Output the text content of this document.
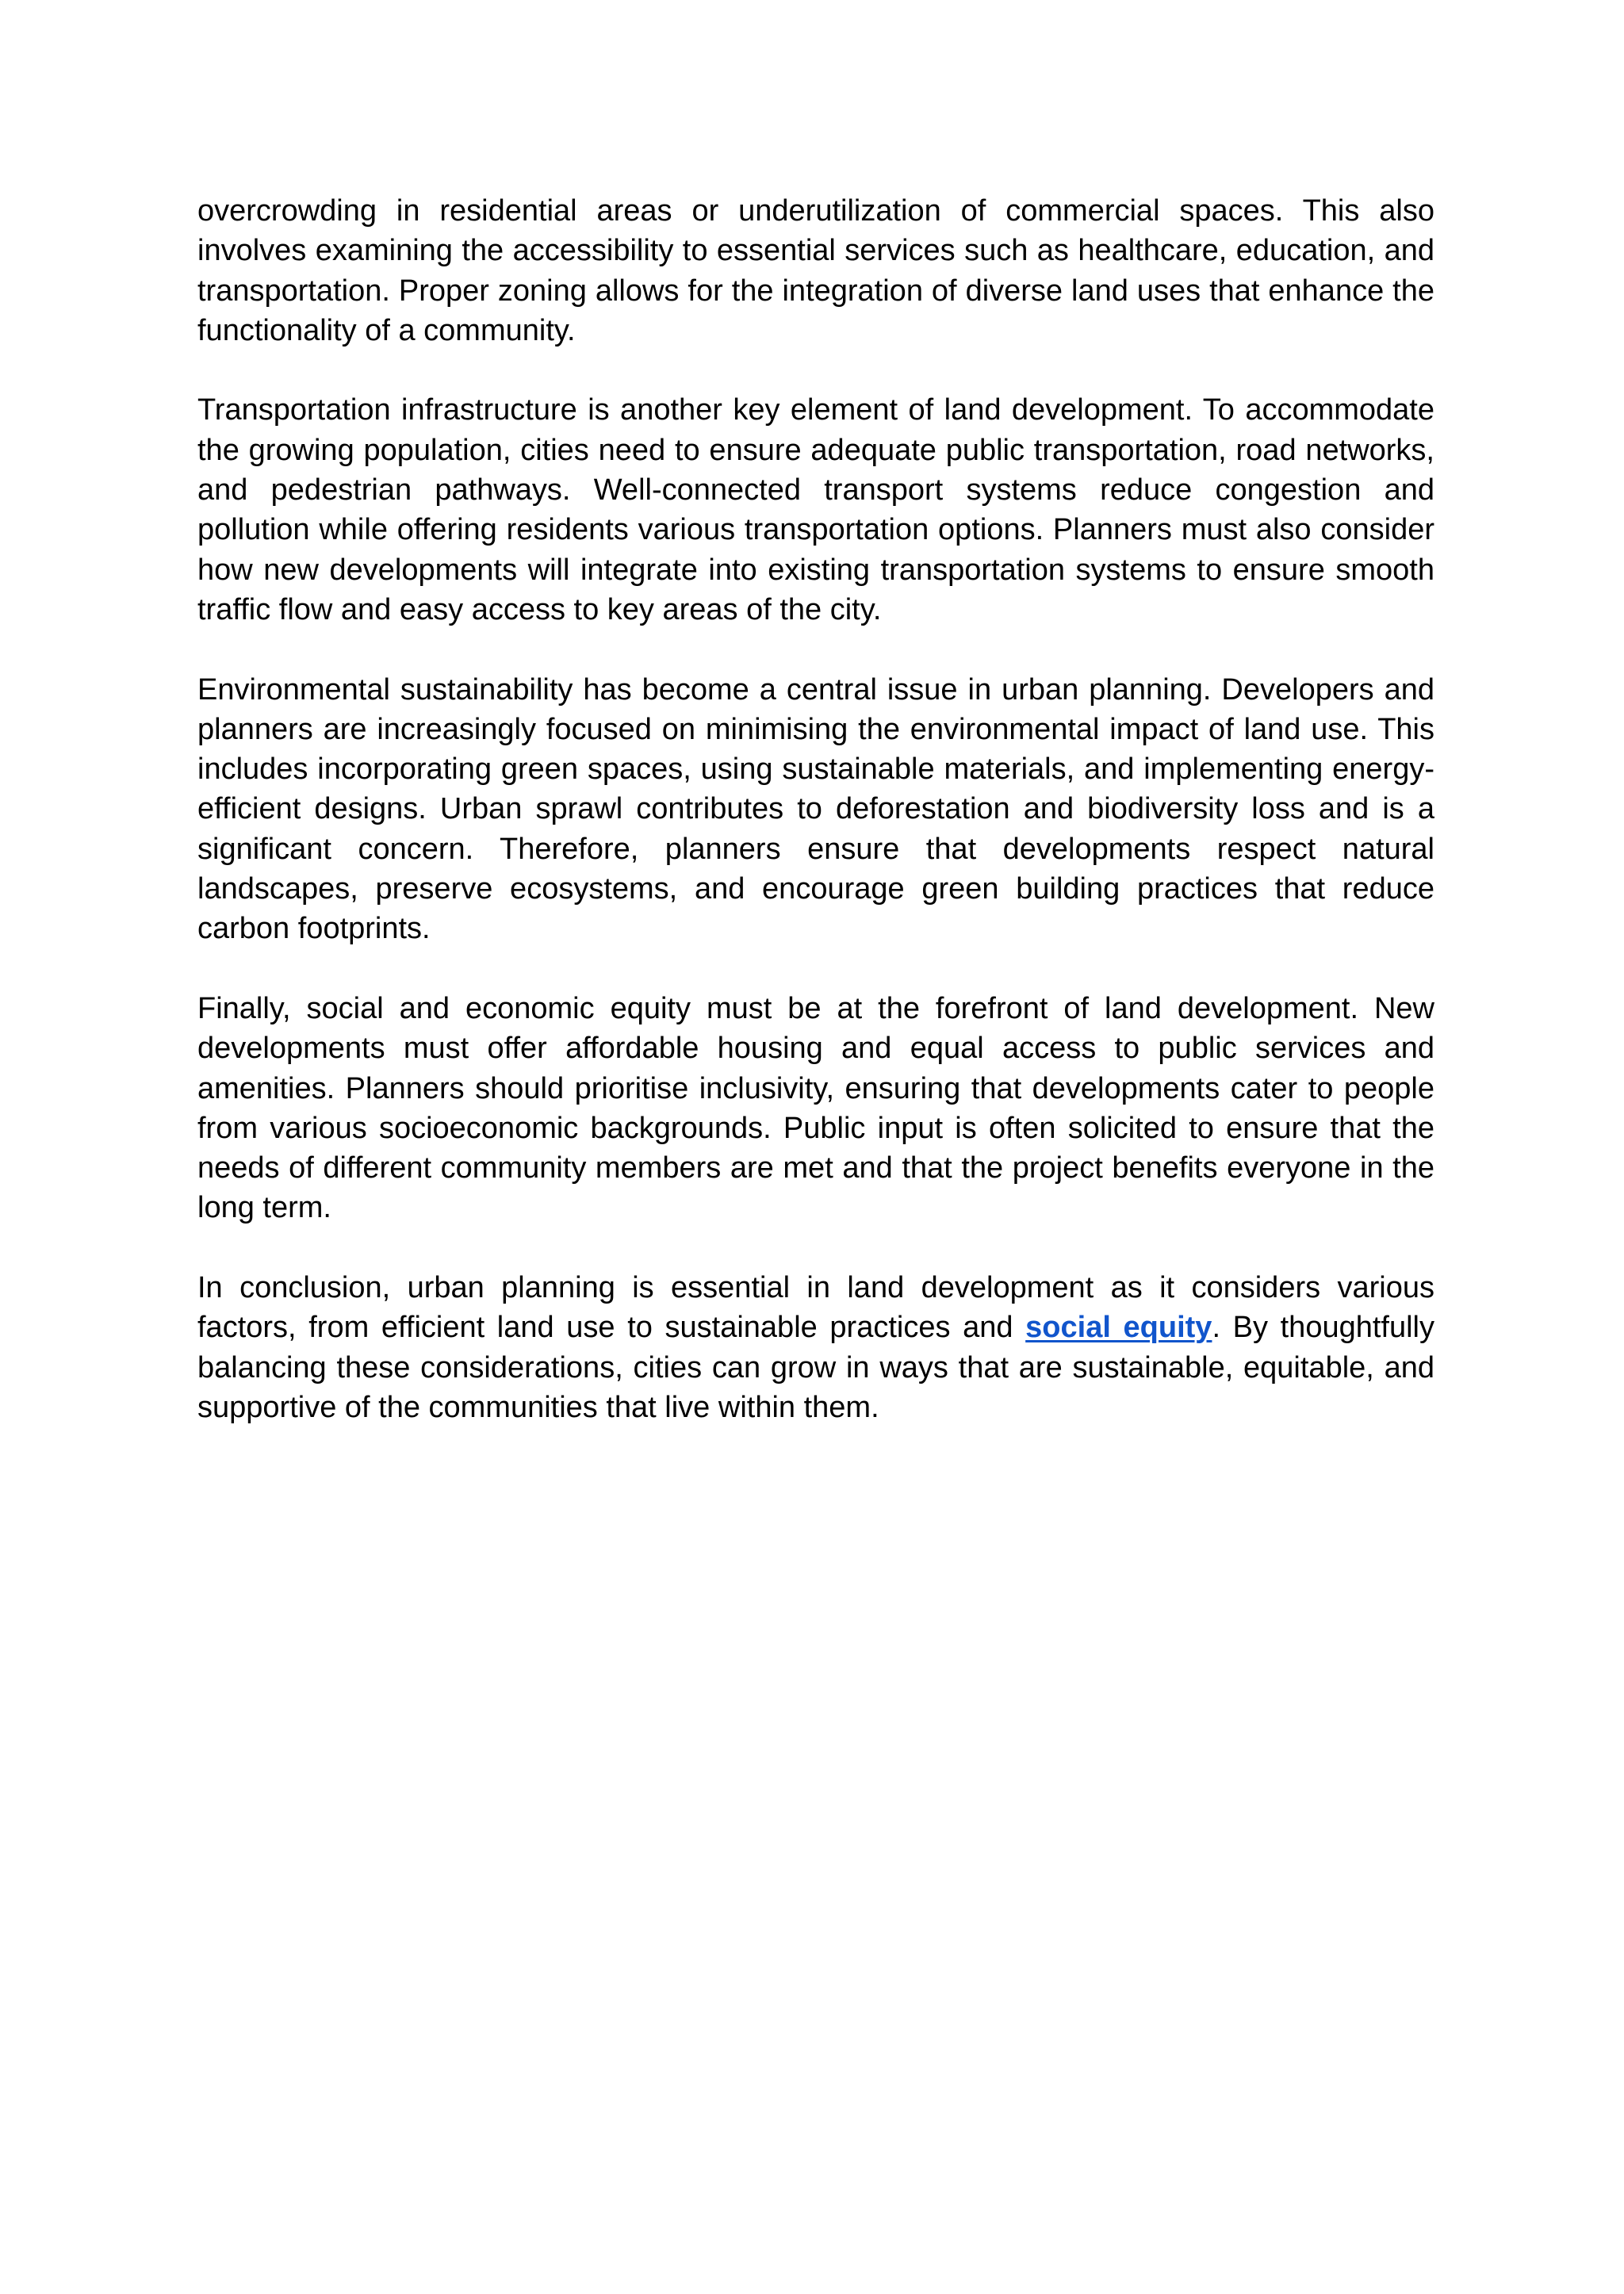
overcrowding in residential areas or underutilization of commercial spaces. This also involves examining the accessibility to essential services such as healthcare, education, and transportation. Proper zoning allows for the integration of diverse land uses that enhance the functionality of a community.

Transportation infrastructure is another key element of land development. To accommodate the growing population, cities need to ensure adequate public transportation, road networks, and pedestrian pathways. Well-connected transport systems reduce congestion and pollution while offering residents various transportation options. Planners must also consider how new developments will integrate into existing transportation systems to ensure smooth traffic flow and easy access to key areas of the city.

Environmental sustainability has become a central issue in urban planning. Developers and planners are increasingly focused on minimising the environmental impact of land use. This includes incorporating green spaces, using sustainable materials, and implementing energy-efficient designs. Urban sprawl contributes to deforestation and biodiversity loss and is a significant concern. Therefore, planners ensure that developments respect natural landscapes, preserve ecosystems, and encourage green building practices that reduce carbon footprints.

Finally, social and economic equity must be at the forefront of land development. New developments must offer affordable housing and equal access to public services and amenities. Planners should prioritise inclusivity, ensuring that developments cater to people from various socioeconomic backgrounds. Public input is often solicited to ensure that the needs of different community members are met and that the project benefits everyone in the long term.

In conclusion, urban planning is essential in land development as it considers various factors, from efficient land use to sustainable practices and social equity. By thoughtfully balancing these considerations, cities can grow in ways that are sustainable, equitable, and supportive of the communities that live within them.
